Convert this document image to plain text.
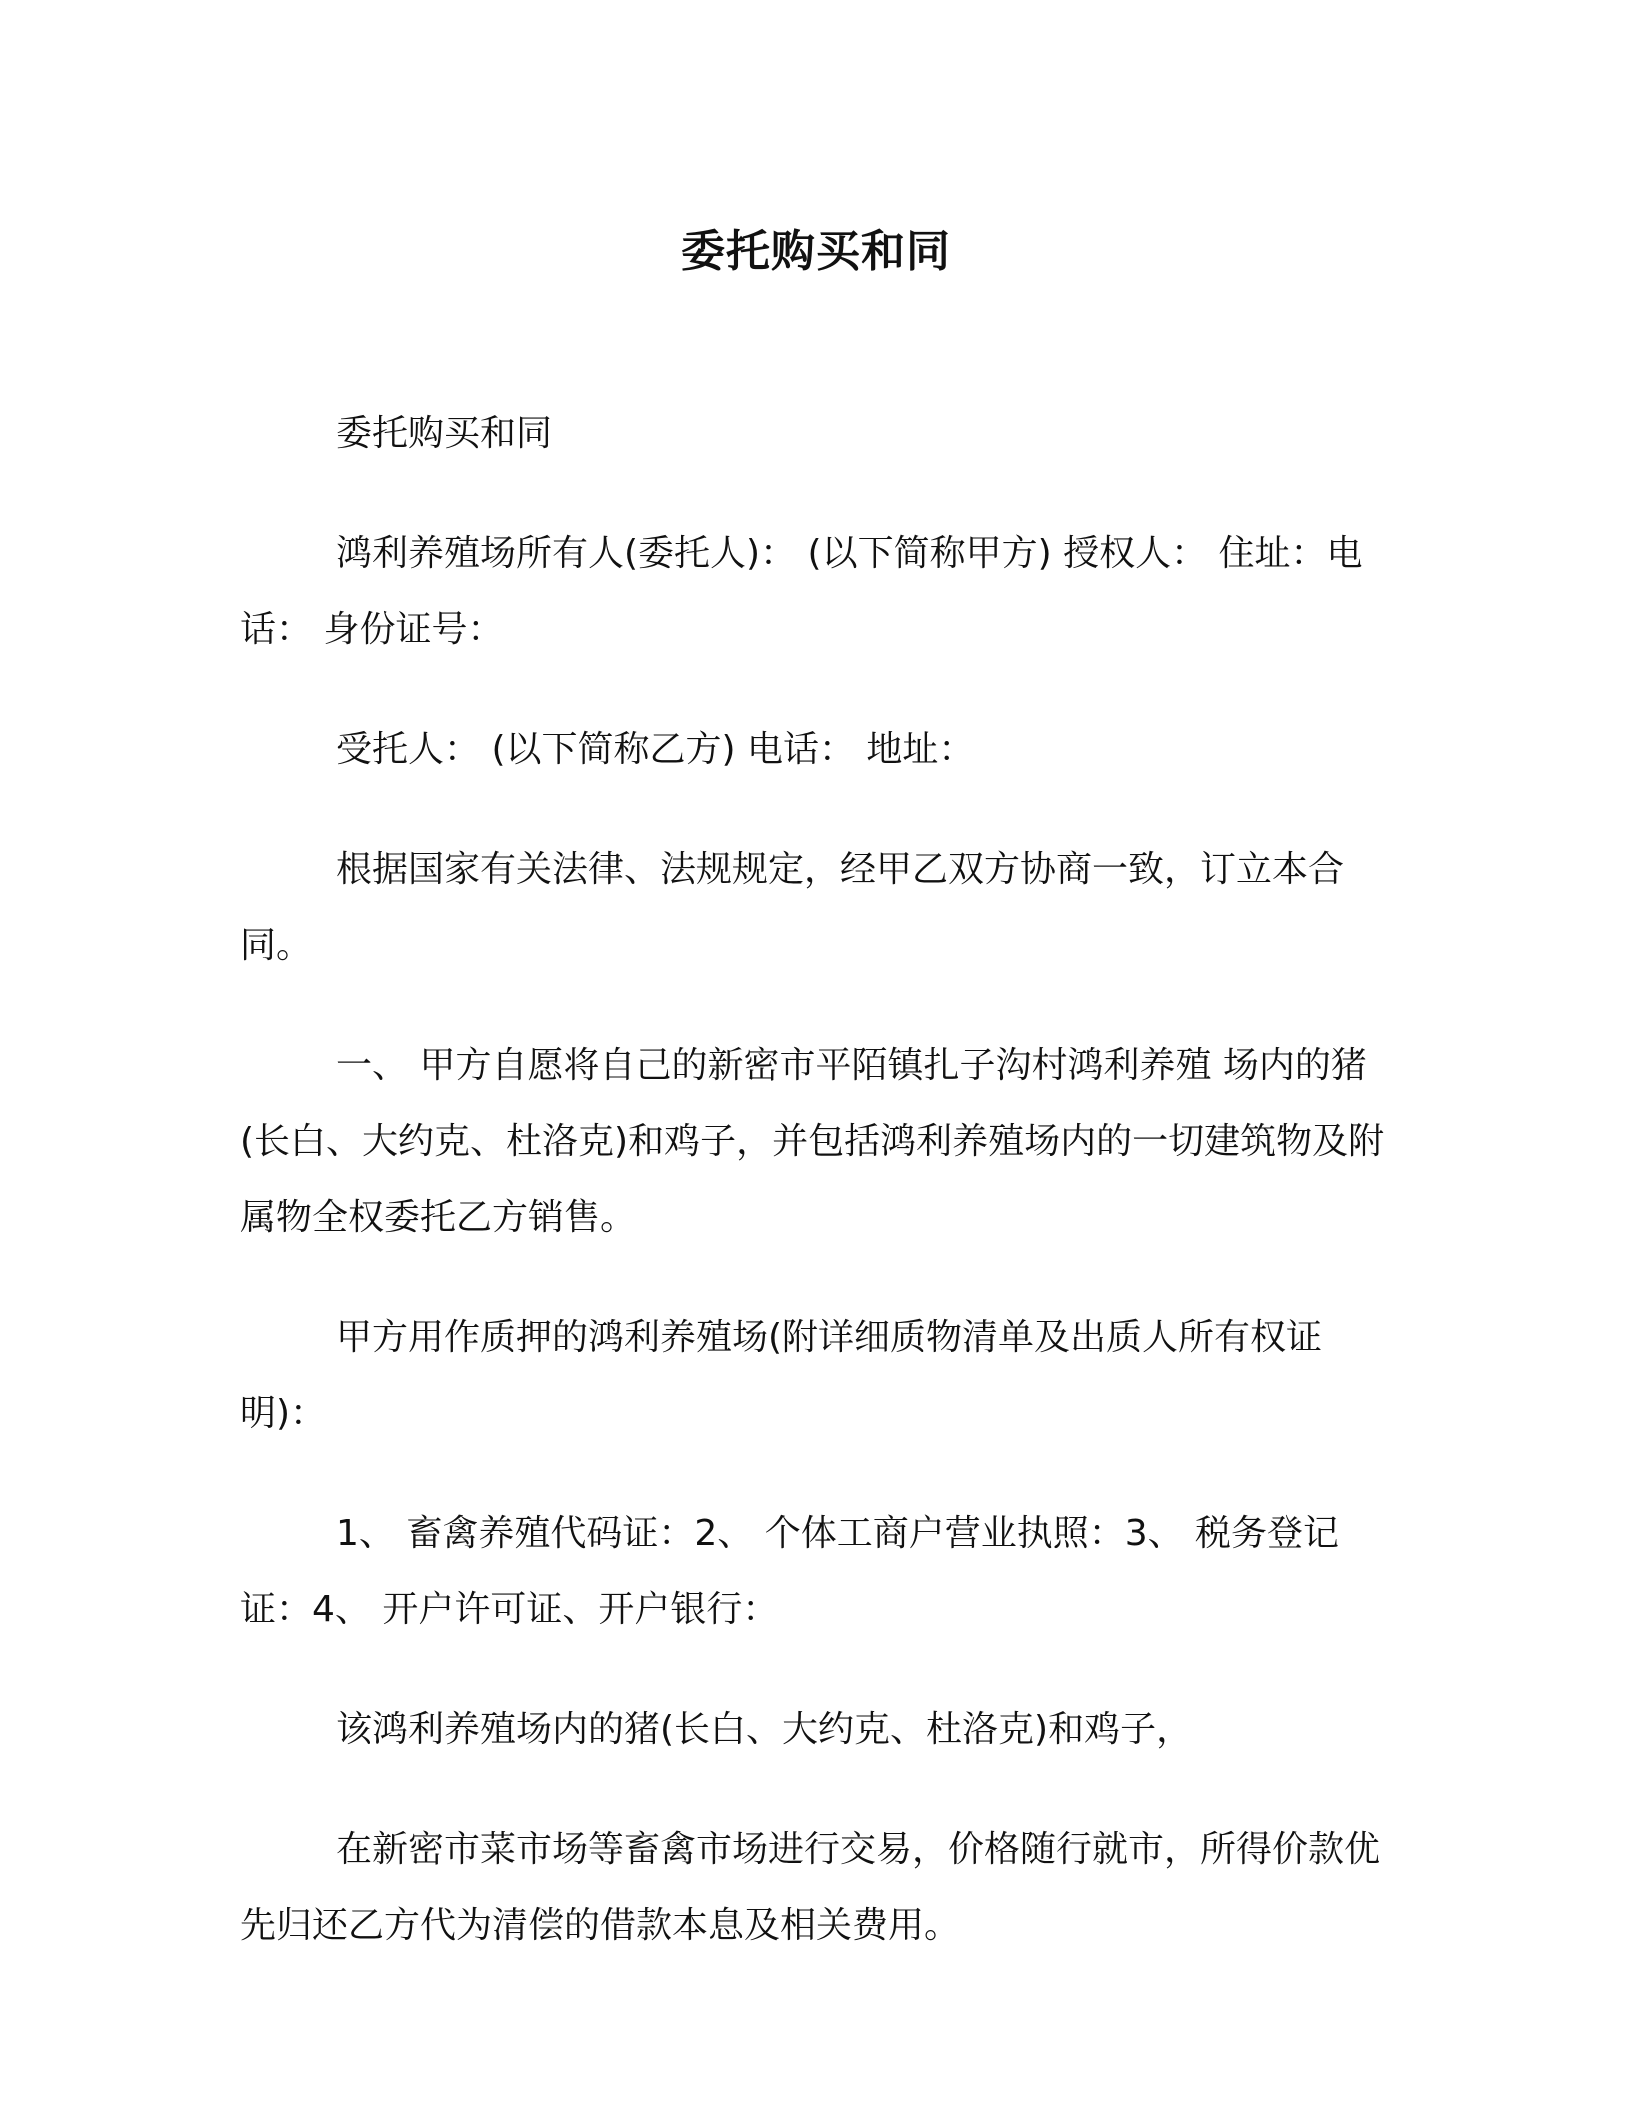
委托购买和同

委托购买和同

鸿利养殖场所有人(委托人)： (以下简称甲方) 授权人： 住址：电话： 身份证号：

受托人： (以下简称乙方) 电话： 地址：

根据国家有关法律、法规规定，经甲乙双方协商一致，订立本合同。

一、 甲方自愿将自己的新密市平陌镇扎子沟村鸿利养殖 场内的猪(长白、大约克、杜洛克)和鸡子，并包括鸿利养殖场内的一切建筑物及附属物全权委托乙方销售。

甲方用作质押的鸿利养殖场(附详细质物清单及出质人所有权证明)：

1、 畜禽养殖代码证：2、 个体工商户营业执照：3、 税务登记证：4、 开户许可证、开户银行：

该鸿利养殖场内的猪(长白、大约克、杜洛克)和鸡子，

在新密市菜市场等畜禽市场进行交易，价格随行就市，所得价款优先归还乙方代为清偿的借款本息及相关费用。
